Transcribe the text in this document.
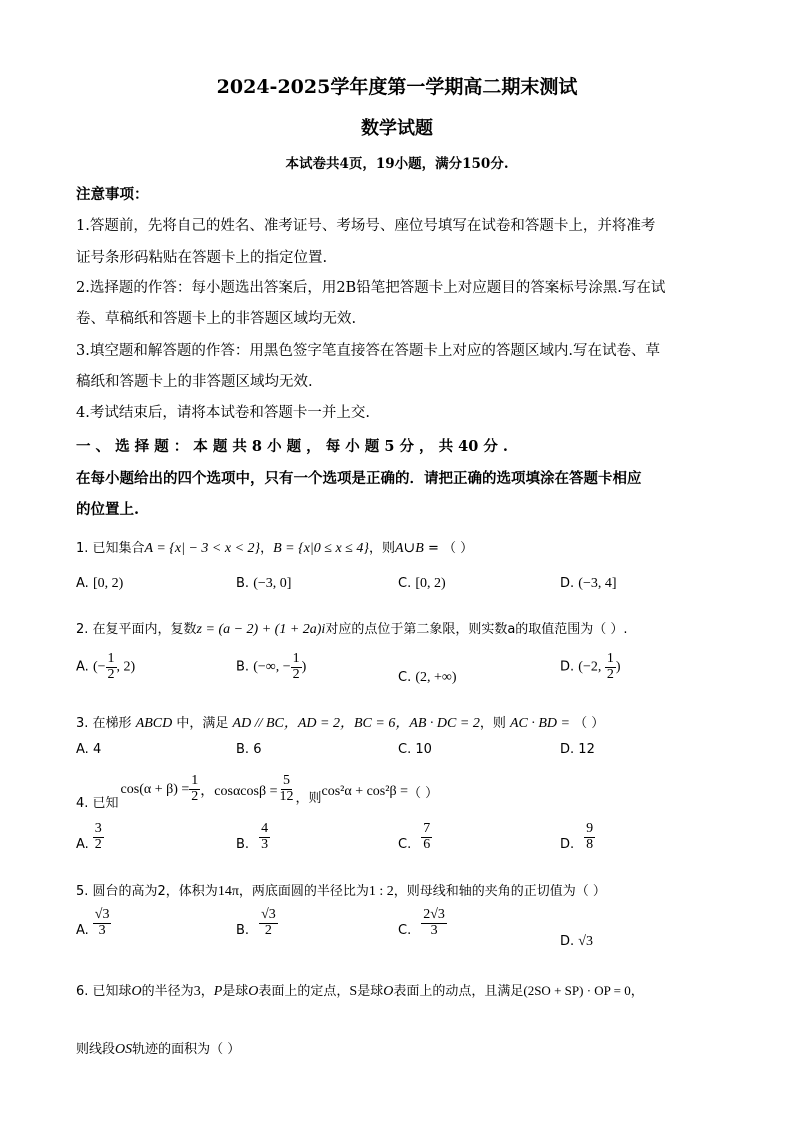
2024-2025学年度第一学期高二期末测试
数学试题
本试卷共4页，19小题，满分150分.
注意事项：
1.答题前，先将自己的姓名、准考证号、考场号、座位号填写在试卷和答题卡上，并将准考
证号条形码粘贴在答题卡上的指定位置.
2.选择题的作答：每小题选出答案后，用2B铅笔把答题卡上对应题目的答案标号涂黑.写在试
卷、草稿纸和答题卡上的非答题区域均无效.
3.填空题和解答题的作答：用黑色签字笔直接答在答题卡上对应的答题区域内.写在试卷、草
稿纸和答题卡上的非答题区域均无效.
4.考试结束后，请将本试卷和答题卡一并上交.
一 、 选 择 题 ： 本 题 共 8 小 题 ， 每 小 题 5 分 ， 共 40 分 .
在每小题给出的四个选项中，只有一个选项是正确的．请把正确的选项填涂在答题卡相应
的位置上.
1. 已知集合A = {x| − 3 < x < 2}，B = {x|0 ≤ x ≤ 4}，则A∪B = （ ）
A. [0, 2)	B. (−3, 0]	C. [0, 2)	D. (−3, 4]
2. 在复平面内，复数z = (a − 2) + (1 + 2a)i对应的点位于第二象限，则实数a的取值范围为（ ）.
A. (− $\frac{1}{2}$ , 2)	B. (−∞, − $\frac{1}{2}$ )
C. (2, +∞)
D. (−2, $\frac{1}{2}$ )
3. 在梯形 ABCD 中，满足 AD // BC，AD = 2，BC = 6，AB · DC = 2，则 AC · BD = （ ）
A. 4	B. 6	C. 10	D. 12
4. 已知
$\cos(\alpha + \beta) = \frac{1}{2}$ ，$\cos\alpha\cos\beta = \frac{5}{12}$ ，则 cos²α + cos²β = （ ）
A. $\frac{3}{2}$	B. $\frac{4}{3}$	C. $\frac{7}{6}$	D. $\frac{9}{8}$
5. 圆台的高为2，体积为14π，两底面圆的半径比为1 : 2，则母线和轴的夹角的正切值为（ ）
A. $\frac{√3}{3}$	B. $\frac{√3}{2}$	C. $\frac{2√3}{3}$
D. √3
6. 已知球O的半径为3，P是球O表面上的定点，S是球O表面上的动点，且满足(2SO + SP) · OP = 0，
则线段OS轨迹的面积为（ ）
